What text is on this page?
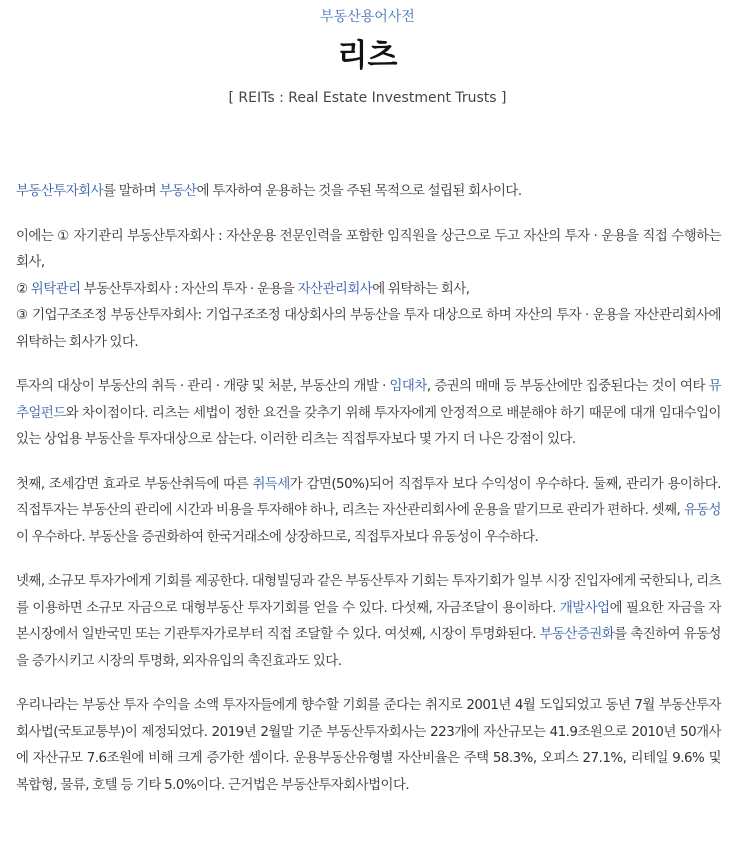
부동산용어사전
리츠
[ REITs : Real Estate Investment Trusts ]

부동산투자회사를 말하며 부동산에 투자하여 운용하는 것을 주된 목적으로 설립된 회사이다.

이에는 ① 자기관리 부동산투자회사 : 자산운용 전문인력을 포함한 임직원을 상근으로 두고 자산의 투자 · 운용을 직접 수행하는 회사,
② 위탁관리 부동산투자회사 : 자산의 투자 · 운용을 자산관리회사에 위탁하는 회사,
③ 기업구조조정 부동산투자회사: 기업구조조정 대상회사의 부동산을 투자 대상으로 하며 자산의 투자 · 운용을 자산관리회사에 위탁하는 회사가 있다.

투자의 대상이 부동산의 취득 · 관리 · 개량 및 처분, 부동산의 개발 · 임대차, 증권의 매매 등 부동산에만 집중된다는 것이 여타 뮤추얼펀드와 차이점이다. 리츠는 세법이 정한 요건을 갖추기 위해 투자자에게 안정적으로 배분해야 하기 때문에 대개 임대수입이 있는 상업용 부동산을 투자대상으로 삼는다. 이러한 리츠는 직접투자보다 몇 가지 더 나은 강점이 있다.

첫째, 조세감면 효과로 부동산취득에 따른 취득세가 감면(50%)되어 직접투자 보다 수익성이 우수하다. 둘째, 관리가 용이하다. 직접투자는 부동산의 관리에 시간과 비용을 투자해야 하나, 리츠는 자산관리회사에 운용을 맡기므로 관리가 편하다. 셋째, 유동성이 우수하다. 부동산을 증권화하여 한국거래소에 상장하므로, 직접투자보다 유동성이 우수하다.

넷째, 소규모 투자가에게 기회를 제공한다. 대형빌딩과 같은 부동산투자 기회는 투자기회가 일부 시장 진입자에게 국한되나, 리츠를 이용하면 소규모 자금으로 대형부동산 투자기회를 얻을 수 있다. 다섯째, 자금조달이 용이하다. 개발사업에 필요한 자금을 자본시장에서 일반국민 또는 기관투자가로부터 직접 조달할 수 있다. 여섯째, 시장이 투명화된다. 부동산증권화를 촉진하여 유동성을 증가시키고 시장의 투명화, 외자유입의 촉진효과도 있다.

우리나라는 부동산 투자 수익을 소액 투자자들에게 향수할 기회를 준다는 취지로 2001년 4월 도입되었고 동년 7월 부동산투자회사법(국토교통부)이 제정되었다. 2019년 2월말 기준 부동산투자회사는 223개에 자산규모는 41.9조원으로 2010년 50개사에 자산규모 7.6조원에 비해 크게 증가한 셈이다. 운용부동산유형별 자산비율은 주택 58.3%, 오피스 27.1%, 리테일 9.6% 및 복합형, 물류, 호텔 등 기타 5.0%이다. 근거법은 부동산투자회사법이다.
